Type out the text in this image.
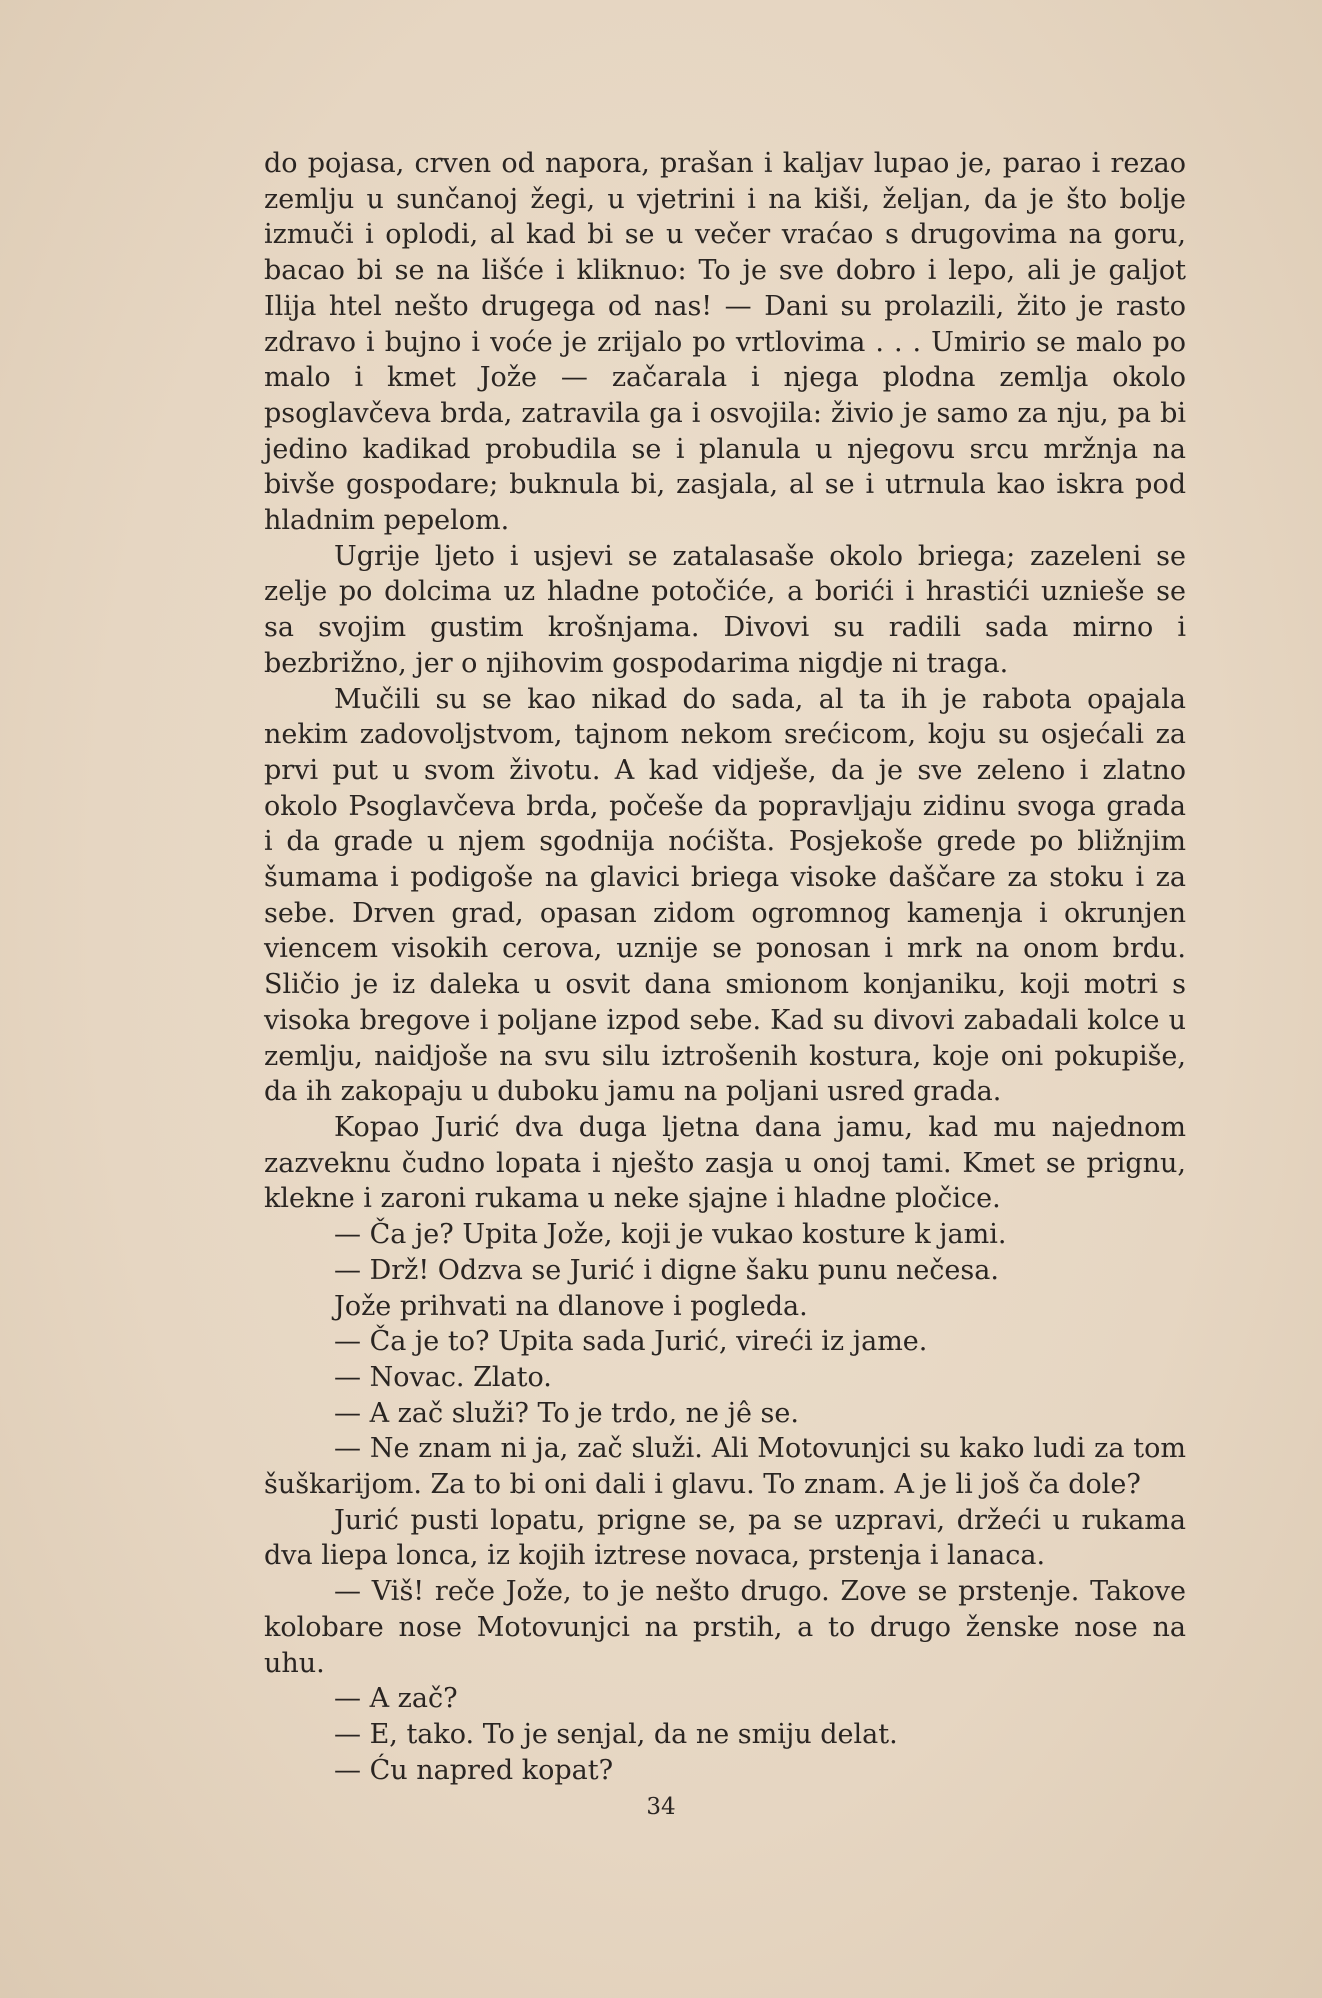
do pojasa, crven od napora, prašan i kaljav lupao je, parao i rezao zemlju u sunčanoj žegi, u vjetrini i na kiši, željan, da je što bolje izmuči i oplodi, al kad bi se u večer vraćao s drugovima na goru, bacao bi se na lišće i kliknuo: To je sve dobro i lepo, ali je galjot Ilija htel nešto drugega od nas! — Dani su prolazili, žito je rasto zdravo i bujno i voće je zrijalo po vrtlovima . . . Umirio se malo po malo i kmet Jože — začarala i njega plodna zemlja okolo psoglavčeva brda, zatravila ga i osvojila: živio je samo za nju, pa bi jedino kadikad probudila se i planula u njegovu srcu mržnja na bivše gospodare; buknula bi, zasjala, al se i utrnula kao iskra pod hladnim pepelom.

Ugrije ljeto i usjevi se zatalasaše okolo briega; zazeleni se zelje po dolcima uz hladne potočiće, a borići i hrastići uznieše se sa svojim gustim krošnjama. Divovi su radili sada mirno i bezbrižno, jer o njihovim gospodarima nigdje ni traga.

Mučili su se kao nikad do sada, al ta ih je rabota opajala nekim zadovoljstvom, tajnom nekom srećicom, koju su osjećali za prvi put u svom životu. A kad vidješe, da je sve zeleno i zlatno okolo Psoglavčeva brda, počeše da popravljaju zidinu svoga grada i da grade u njem sgodnija noćišta. Posjekoše grede po bližnjim šumama i podigoše na glavici briega visoke daščare za stoku i za sebe. Drven grad, opasan zidom ogromnog kamenja i okrunjen viencem visokih cerova, uznije se ponosan i mrk na onom brdu. Sličio je iz daleka u osvit dana smionom konjaniku, koji motri s visoka bregove i poljane izpod sebe. Kad su divovi zabadali kolce u zemlju, naidjoše na svu silu iztrošenih kostura, koje oni pokupiše, da ih zakopaju u duboku jamu na poljani usred grada.

Kopao Jurić dva duga ljetna dana jamu, kad mu najednom zazveknu čudno lopata i nješto zasja u onoj tami. Kmet se prignu, klekne i zaroni rukama u neke sjajne i hladne pločice.

— Ča je? Upita Jože, koji je vukao kosture k jami.

— Drž! Odzva se Jurić i digne šaku punu nečesa.

Jože prihvati na dlanove i pogleda.

— Ča je to? Upita sada Jurić, vireći iz jame.

— Novac. Zlato.

— A zač služi? To je trdo, ne jê se.

— Ne znam ni ja, zač služi. Ali Motovunjci su kako ludi za tom šuškarijom. Za to bi oni dali i glavu. To znam. A je li još ča dole?

Jurić pusti lopatu, prigne se, pa se uzpravi, držeći u rukama dva liepa lonca, iz kojih iztrese novaca, prstenja i lanaca.

— Viš! reče Jože, to je nešto drugo. Zove se prstenje. Takove kolobare nose Motovunjci na prstih, a to drugo ženske nose na uhu.

— A zač?

— E, tako. To je senjal, da ne smiju delat.

— Ću napred kopat?

34
